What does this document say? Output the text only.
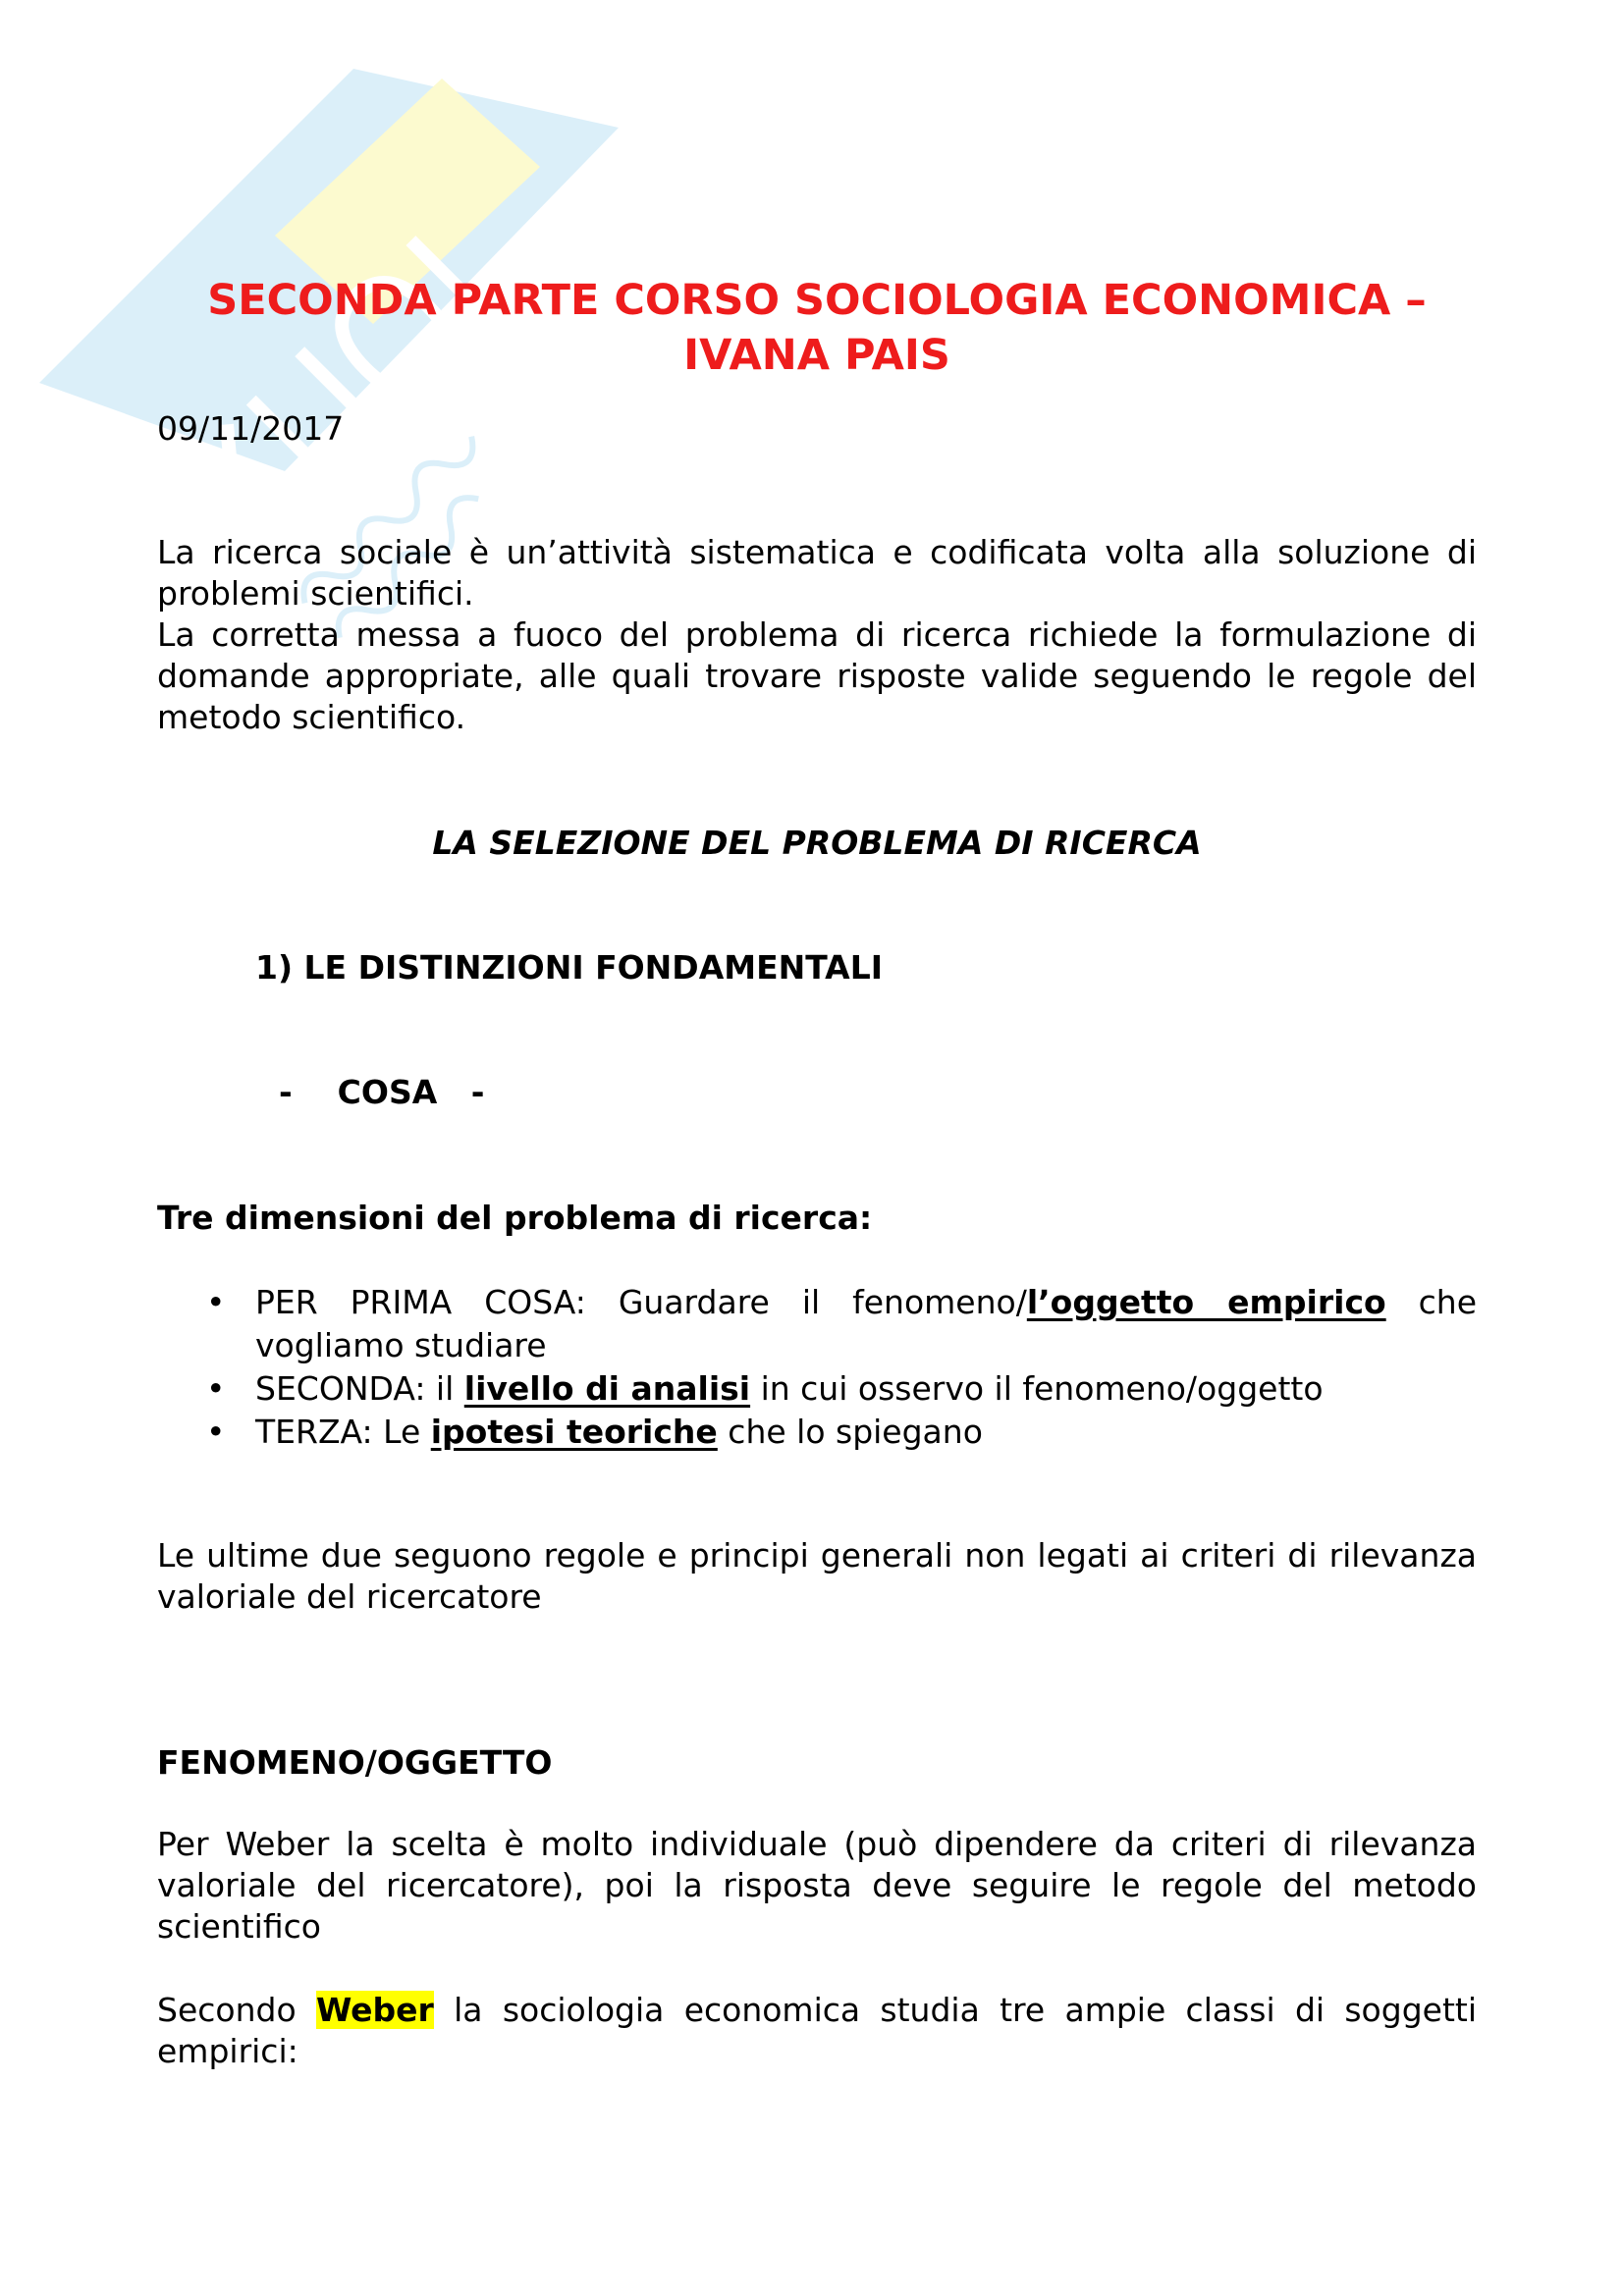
SECONDA PARTE CORSO SOCIOLOGIA ECONOMICA –
IVANA PAIS
09/11/2017

La ricerca sociale è un’attività sistematica e codificata volta alla soluzione di problemi scientifici.

La corretta messa a fuoco del problema di ricerca richiede la formulazione di domande appropriate, alle quali trovare risposte valide seguendo le regole del metodo scientifico.

LA SELEZIONE DEL PROBLEMA DI RICERCA
1) LE DISTINZIONI FONDAMENTALI
- COSA -
Tre dimensioni del problema di ricerca:
• PER PRIMA COSA: Guardare il fenomeno/l’oggetto empirico che vogliamo studiare
• SECONDA: il livello di analisi in cui osservo il fenomeno/oggetto
• TERZA: Le ipotesi teoriche che lo spiegano
Le ultime due seguono regole e principi generali non legati ai criteri di rilevanza valoriale del ricercatore
FENOMENO/OGGETTO
Per Weber la scelta è molto individuale (può dipendere da criteri di rilevanza valoriale del ricercatore), poi la risposta deve seguire le regole del metodo scientifico
Secondo Weber la sociologia economica studia tre ampie classi di soggetti empirici:
